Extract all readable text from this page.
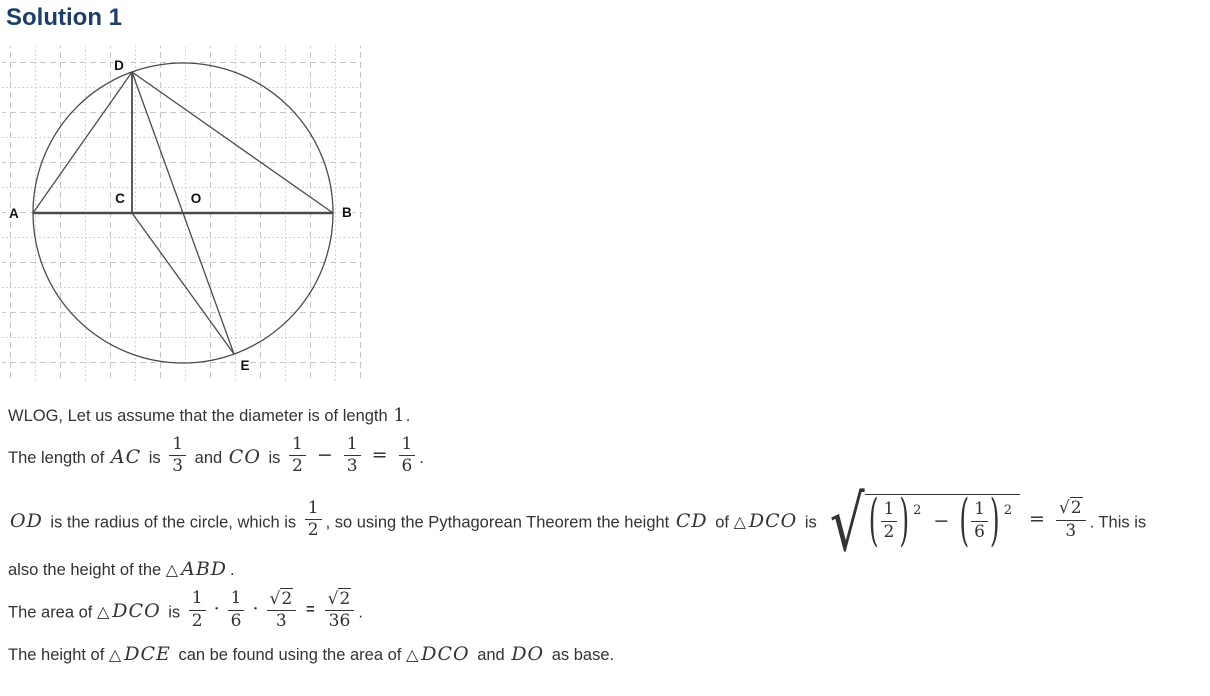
Solution 1
A	B
C
D
O
E
WLOG, Let us assume that the diameter is of length 1.
The length of AC is $\frac{1}{3}$ and CO is $\frac{1}{2} - \frac{1}{3} = \frac{1}{6}$ .
OD is the radius of the circle, which is $\frac{1}{2}$ , so using the Pythagorean Theorem the height CD of △ DCO is √ ( $\frac{1}{2}$ ) 2 − ( $\frac{1}{6}$ ) $2 = \frac{√2}{3}$ . This is
also the height of the △ ABD .
The area of △ DCO is $\frac{1}{2} \cdot \frac{1}{6} \cdot \frac{√2}{3} = \frac{√2}{36}$ .
The height of △ DCE can be found using the area of △ DCO and DO as base.
